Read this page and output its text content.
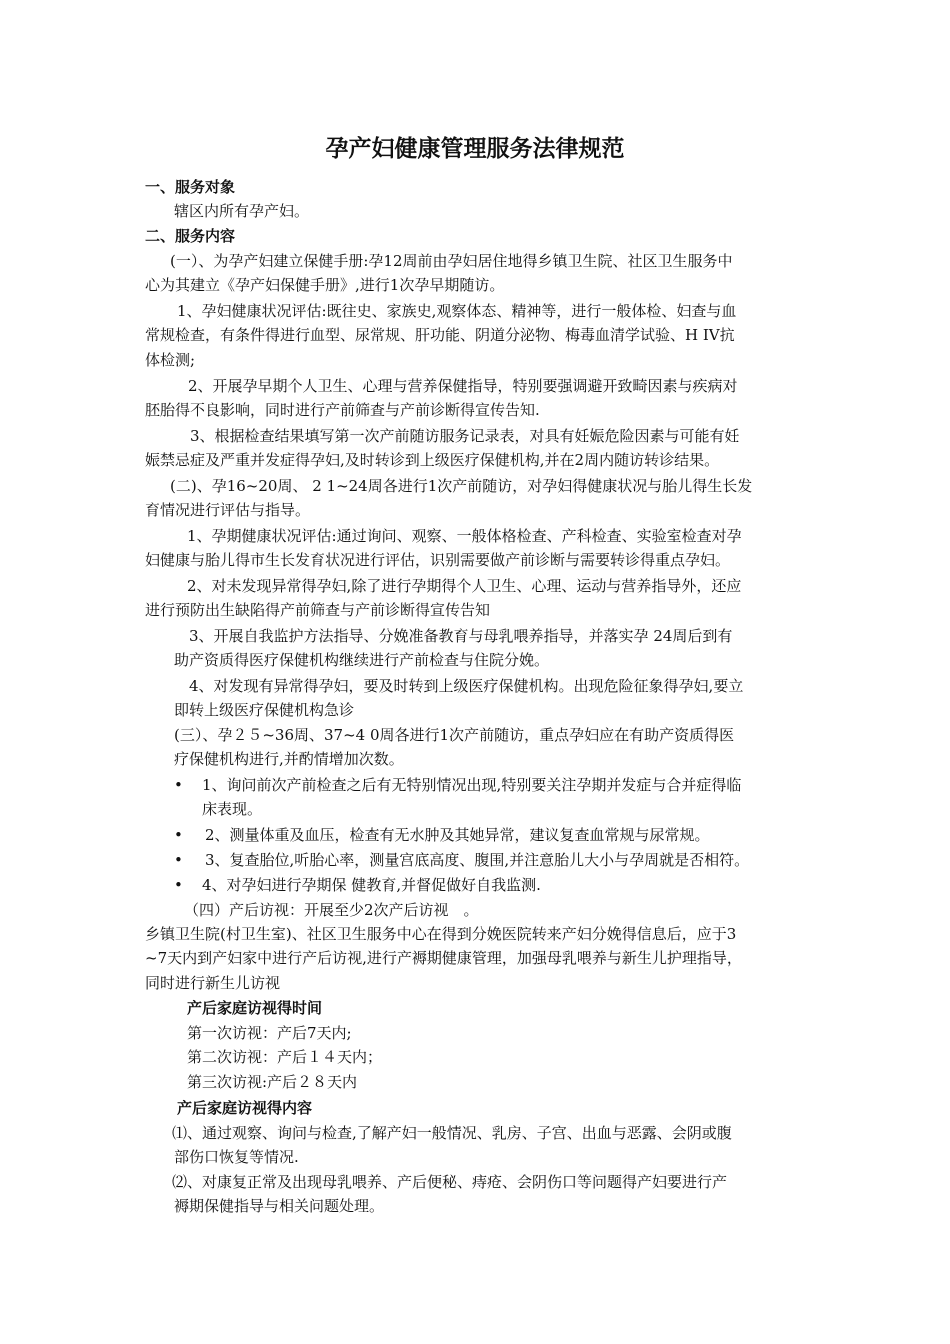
孕产妇健康管理服务法律规范
一、服务对象
辖区内所有孕产妇。
二、服务内容
(一）、为孕产妇建立保健手册:孕12周前由孕妇居住地得乡镇卫生院、社区卫生服务中
心为其建立《孕产妇保健手册》,进行1次孕早期随访。
1、孕妇健康状况评估:既往史、家族史,观察体态、精神等，进行一般体检、妇查与血
常规检查，有条件得进行血型、尿常规、肝功能、阴道分泌物、梅毒血清学试验、H IV抗
体检测;
2、开展孕早期个人卫生、心理与营养保健指导，特别要强调避开致畸因素与疾病对
胚胎得不良影响，同时进行产前筛查与产前诊断得宣传告知.
3、根据检查结果填写第一次产前随访服务记录表，对具有妊娠危险因素与可能有妊
娠禁忌症及严重并发症得孕妇,及时转诊到上级医疗保健机构,并在2周内随访转诊结果。
(二)、孕16~20周、 2 1~24周各进行1次产前随访，对孕妇得健康状况与胎儿得生长发
育情况进行评估与指导。
1、孕期健康状况评估:通过询问、观察、一般体格检查、产科检查、实验室检查对孕
妇健康与胎儿得市生长发育状况进行评估，识别需要做产前诊断与需要转诊得重点孕妇。
2、对未发现异常得孕妇,除了进行孕期得个人卫生、心理、运动与营养指导外，还应
进行预防出生缺陷得产前筛查与产前诊断得宣传告知
3、开展自我监护方法指导、分娩准备教育与母乳喂养指导，并落实孕 24周后到有
助产资质得医疗保健机构继续进行产前检查与住院分娩。
4、对发现有异常得孕妇，要及时转到上级医疗保健机构。出现危险征象得孕妇,要立
即转上级医疗保健机构急诊
(三）、孕２５~36周、37~4 0周各进行1次产前随访，重点孕妇应在有助产资质得医
疗保健机构进行,并酌情增加次数。
• 1、询问前次产前检查之后有无特别情况出现,特别要关注孕期并发症与合并症得临
床表现。
• 2、测量体重及血压，检查有无水肿及其她异常，建议复查血常规与尿常规。
• 3、复查胎位,听胎心率，测量宫底高度、腹围,并注意胎儿大小与孕周就是否相符。
• 4、对孕妇进行孕期保 健教育,并督促做好自我监测.
（四）产后访视：开展至少2次产后访视　。
乡镇卫生院(村卫生室)、社区卫生服务中心在得到分娩医院转来产妇分娩得信息后，应于3
~7天内到产妇家中进行产后访视,进行产褥期健康管理，加强母乳喂养与新生儿护理指导，
同时进行新生儿访视
产后家庭访视得时间
第一次访视：产后7天内;
第二次访视：产后１４天内；
第三次访视:产后２８天内
产后家庭访视得内容
⑴、通过观察、询问与检查,了解产妇一般情况、乳房、子宫、出血与恶露、会阴或腹
部伤口恢复等情况.
⑵、对康复正常及出现母乳喂养、产后便秘、痔疮、会阴伤口等问题得产妇要进行产
褥期保健指导与相关问题处理。
